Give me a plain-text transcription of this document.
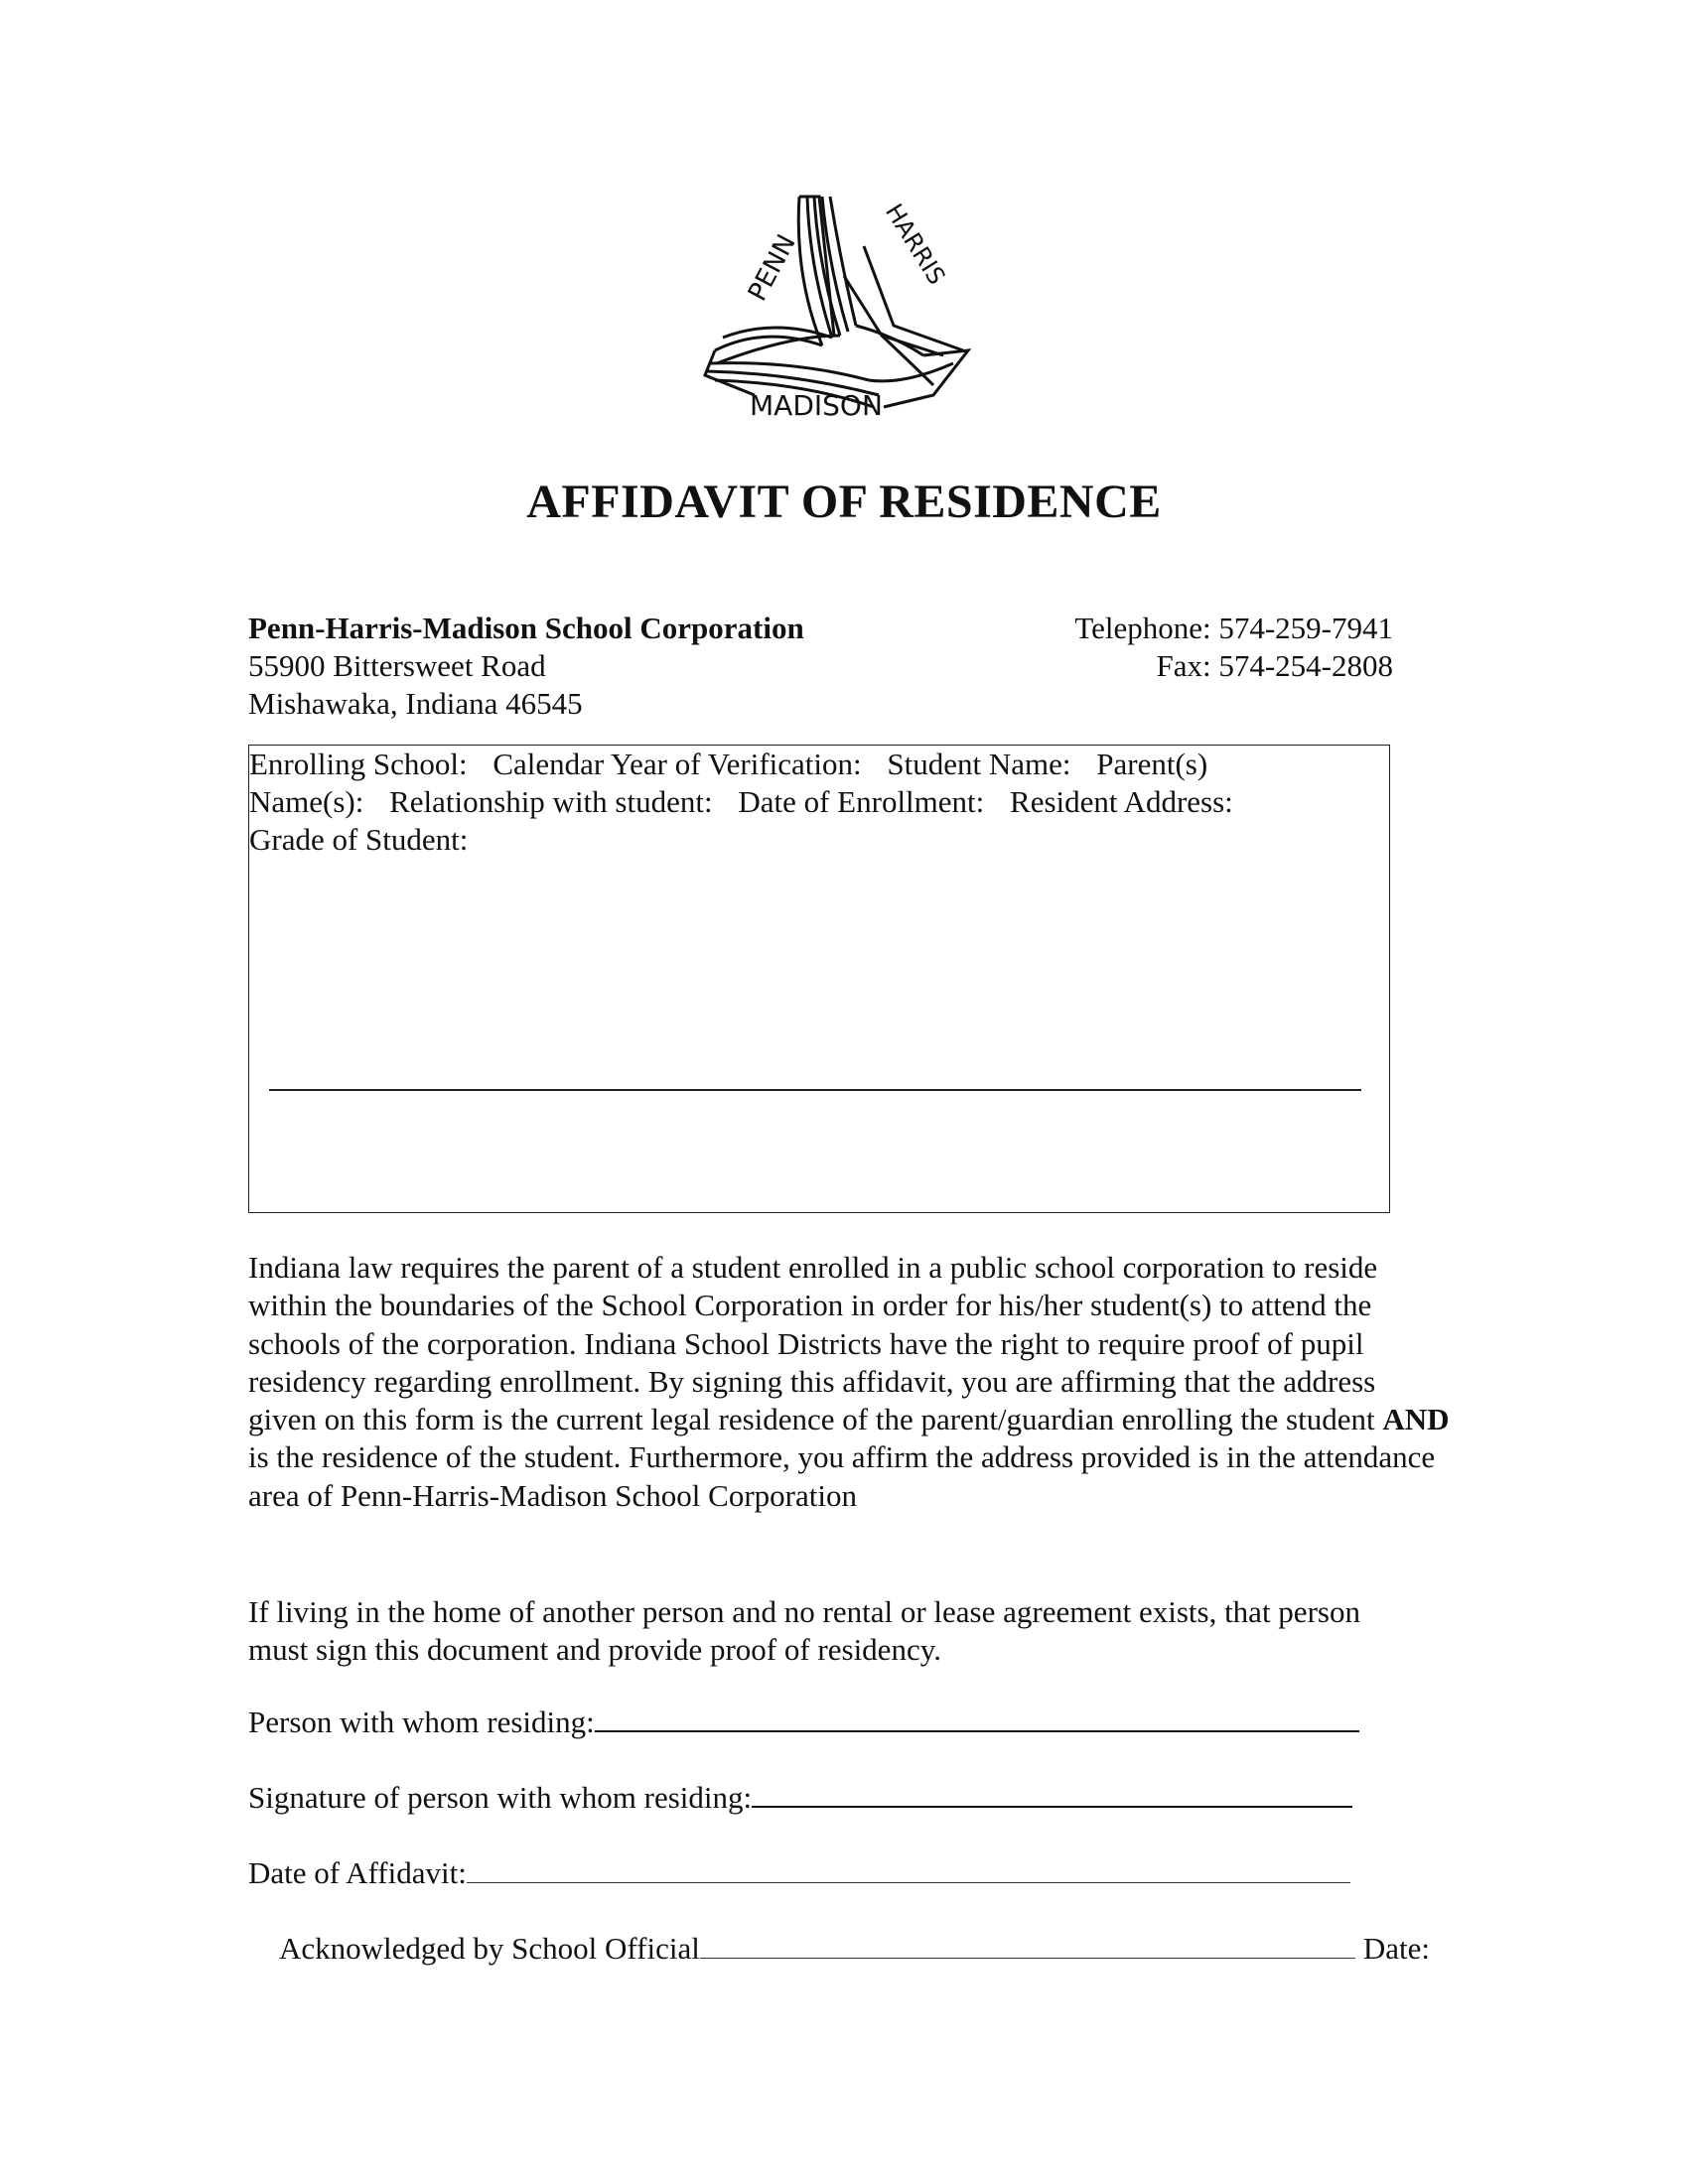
PENN	HARRIS
MADISON
AFFIDAVIT OF RESIDENCE
Penn-Harris-Madison School Corporation
55900 Bittersweet Road
Mishawaka, Indiana 46545
Telephone: 574-259-7941
Fax: 574-254-2808
Enrolling School: Calendar Year of Verification: Student Name: Parent(s) Name(s): Relationship with student: Date of Enrollment: Resident Address: Grade of Student:
Indiana law requires the parent of a student enrolled in a public school corporation to reside within the boundaries of the School Corporation in order for his/her student(s) to attend the schools of the corporation. Indiana School Districts have the right to require proof of pupil residency regarding enrollment. By signing this affidavit, you are affirming that the address given on this form is the current legal residence of the parent/guardian enrolling the student AND is the residence of the student. Furthermore, you affirm the address provided is in the attendance area of Penn-Harris-Madison School Corporation
If living in the home of another person and no rental or lease agreement exists, that person must sign this document and provide proof of residency.
Person with whom residing:
Signature of person with whom residing:
Date of Affidavit:
Acknowledged by School Official	Date:
